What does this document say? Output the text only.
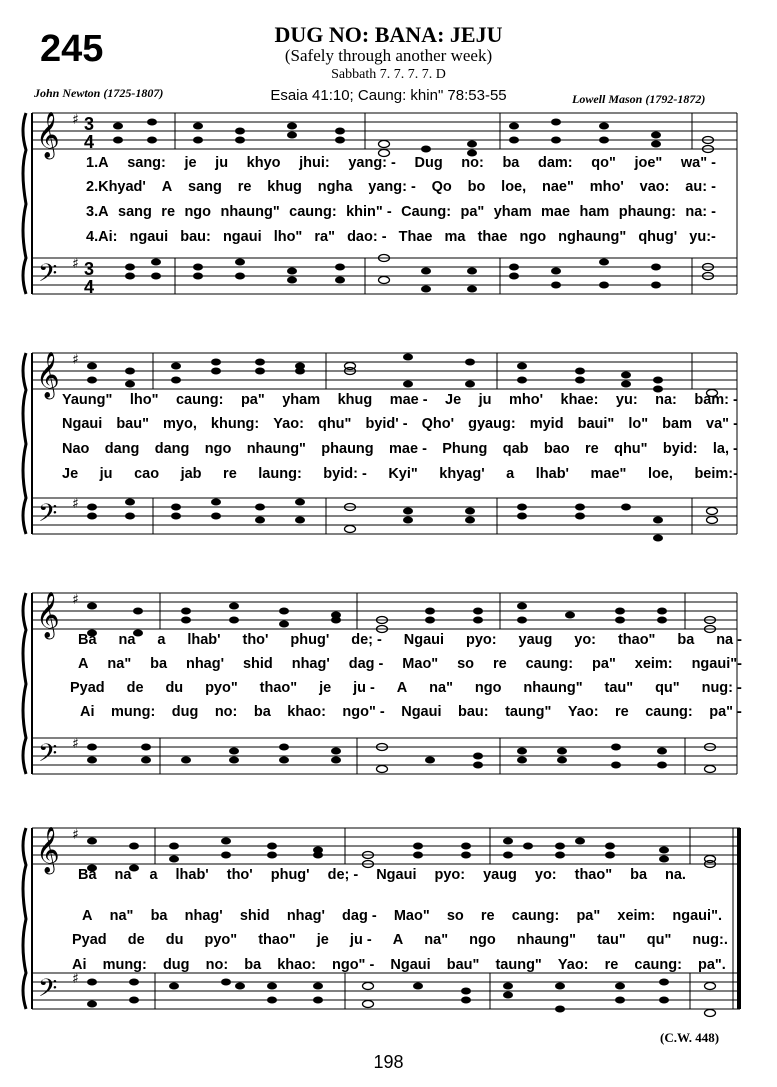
245	DUG NO: BANA: JEJU
(Safely through another week)
Sabbath 7. 7. 7. 7. D
Esaia 41:10; Caung: khin" 78:53-55
John Newton (1725-1807)	Lowell Mason (1792-1872)
𝄞
𝄢
♯
♯
3
4
3
4
1.A sang: je ju khyo jhui: yang: - Dug no: ba dam: qo" joe" wa" -
2.Khyad' A sang re khug ngha yang: - Qo bo loe, nae" mho' vao: au: -
3.A sang re ngo nhaung" caung: khin" - Caung: pa" yham mae ham phaung: na: -
4.Ai: ngaui bau: ngaui lho" ra" dao: - Thae ma thae ngo nghaung" qhug' yu:-
𝄞
𝄢
♯
♯
Yaung" lho" caung: pa" yham khug mae - Je ju mho' khae: yu: na: bam: -
Ngaui bau" myo, khung: Yao: qhu" byid' - Qho' gyaug: myid baui" lo" bam va" -
Nao dang dang ngo nhaung" phaung mae - Phung qab bao re qhu" byid: la, -
Je ju cao jab re laung: byid: - Kyi" khyag' a lhab' mae" loe, beim:-
𝄞
𝄢
♯
♯
Ba na a lhab' tho' phug' de; - Ngaui pyo: yaug yo: thao" ba na -
A na" ba nhag' shid nhag' dag - Mao" so re caung: pa" xeim: ngaui"-
Pyad de du pyo" thao" je ju - A na" ngo nhaung" tau" qu" nug: -
Ai mung: dug no: ba khao: ngo" - Ngaui bau: taung" Yao: re caung: pa" -
𝄞
𝄢
♯
♯
Ba na a lhab' tho' phug' de; - Ngaui pyo: yaug yo: thao" ba na.
A na" ba nhag' shid nhag' dag - Mao" so re caung: pa" xeim: ngaui".
Pyad de du pyo" thao" je ju - A na" ngo nhaung" tau" qu" nug:.
Ai mung: dug no: ba khao: ngo" - Ngaui bau" taung" Yao: re caung: pa".
(C.W. 448)
198
